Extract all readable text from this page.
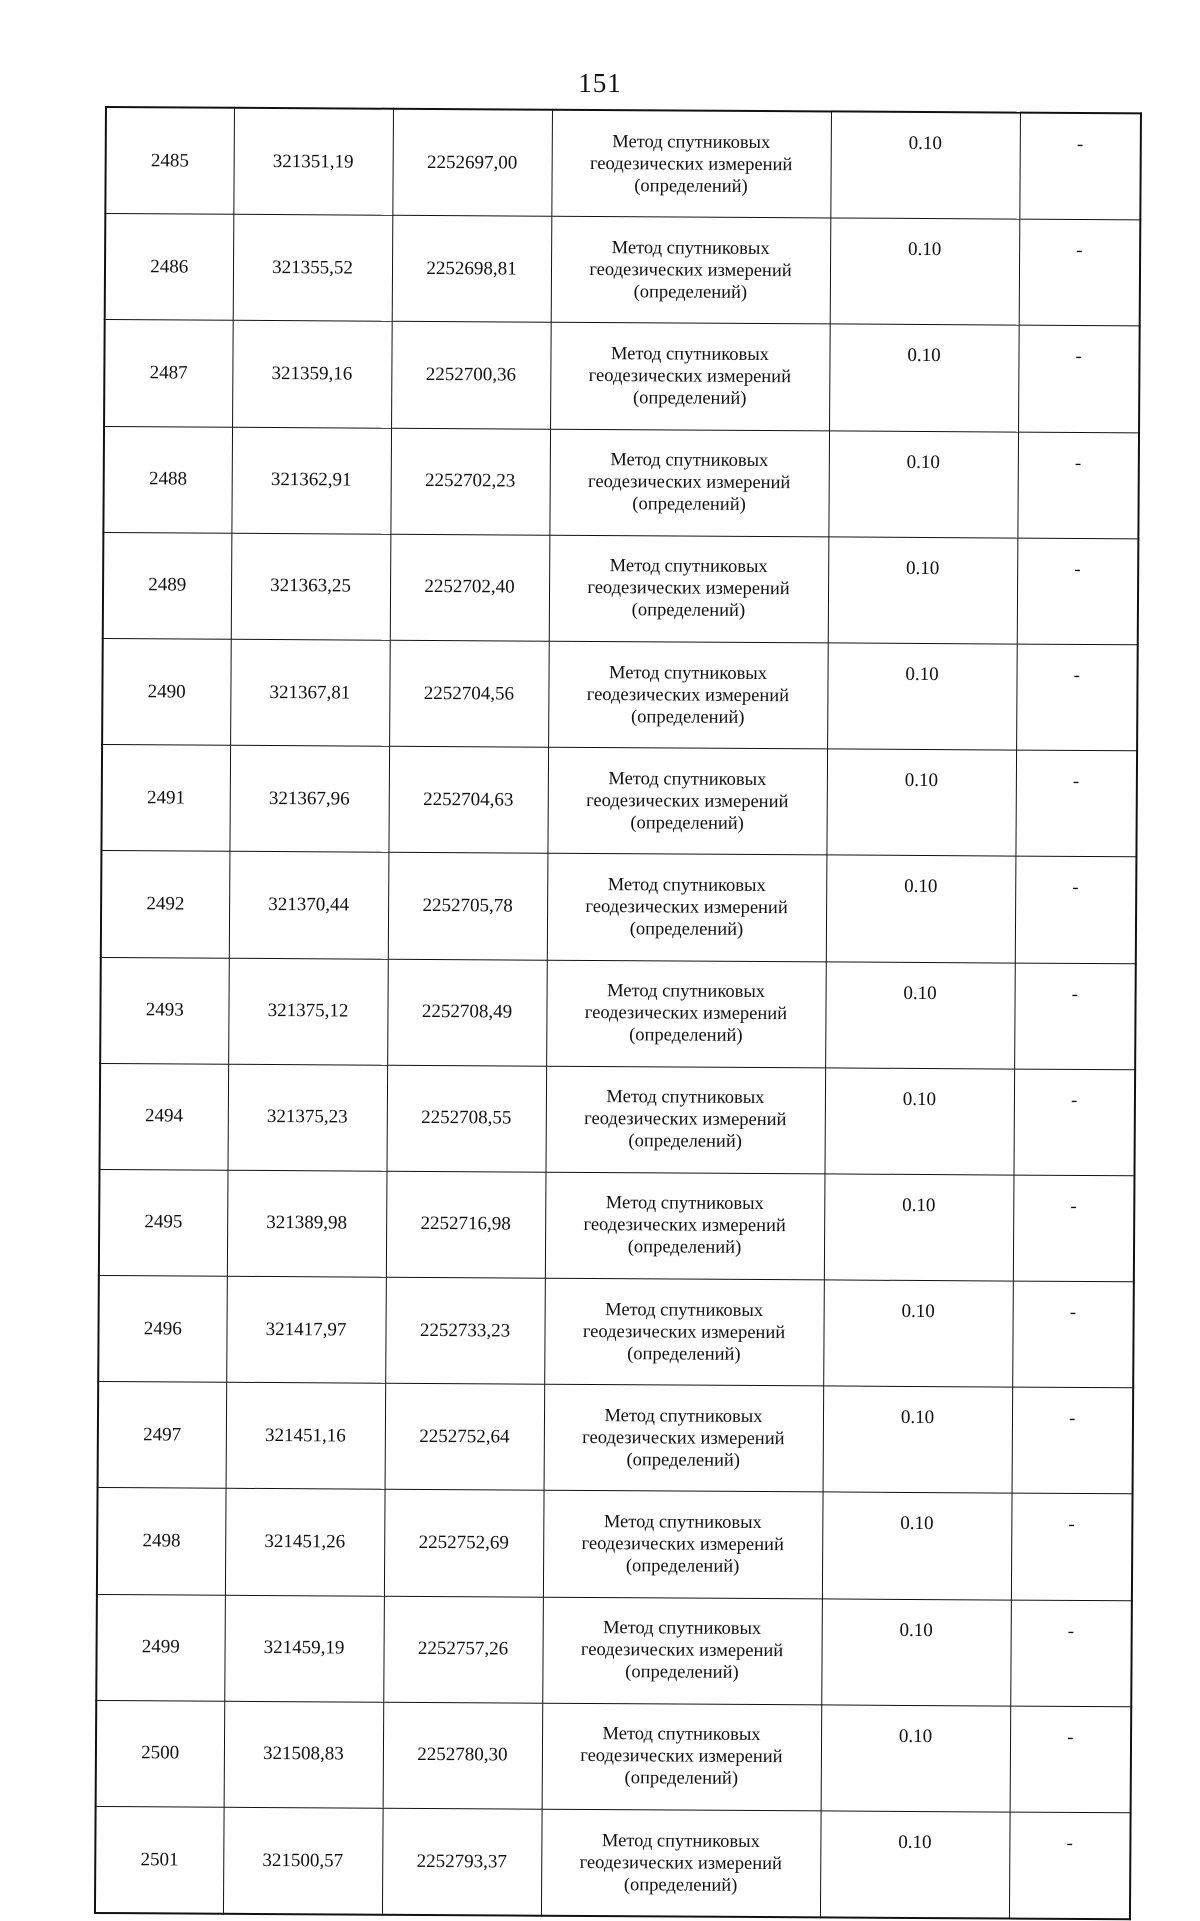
151
2485	321351,19	2252697,00	Метод спутниковых
геодезических измерений
(определений)	0.10	-
2486	321355,52	2252698,81	Метод спутниковых
геодезических измерений
(определений)	0.10	-
2487	321359,16	2252700,36	Метод спутниковых
геодезических измерений
(определений)	0.10	-
2488	321362,91	2252702,23	Метод спутниковых
геодезических измерений
(определений)	0.10	-
2489	321363,25	2252702,40	Метод спутниковых
геодезических измерений
(определений)	0.10	-
2490	321367,81	2252704,56	Метод спутниковых
геодезических измерений
(определений)	0.10	-
2491	321367,96	2252704,63	Метод спутниковых
геодезических измерений
(определений)	0.10	-
2492	321370,44	2252705,78	Метод спутниковых
геодезических измерений
(определений)	0.10	-
2493	321375,12	2252708,49	Метод спутниковых
геодезических измерений
(определений)	0.10	-
2494	321375,23	2252708,55	Метод спутниковых
геодезических измерений
(определений)	0.10	-
2495	321389,98	2252716,98	Метод спутниковых
геодезических измерений
(определений)	0.10	-
2496	321417,97	2252733,23	Метод спутниковых
геодезических измерений
(определений)	0.10	-
2497	321451,16	2252752,64	Метод спутниковых
геодезических измерений
(определений)	0.10	-
2498	321451,26	2252752,69	Метод спутниковых
геодезических измерений
(определений)	0.10	-
2499	321459,19	2252757,26	Метод спутниковых
геодезических измерений
(определений)	0.10	-
2500	321508,83	2252780,30	Метод спутниковых
геодезических измерений
(определений)	0.10	-
2501	321500,57	2252793,37	Метод спутниковых
геодезических измерений
(определений)	0.10	-
